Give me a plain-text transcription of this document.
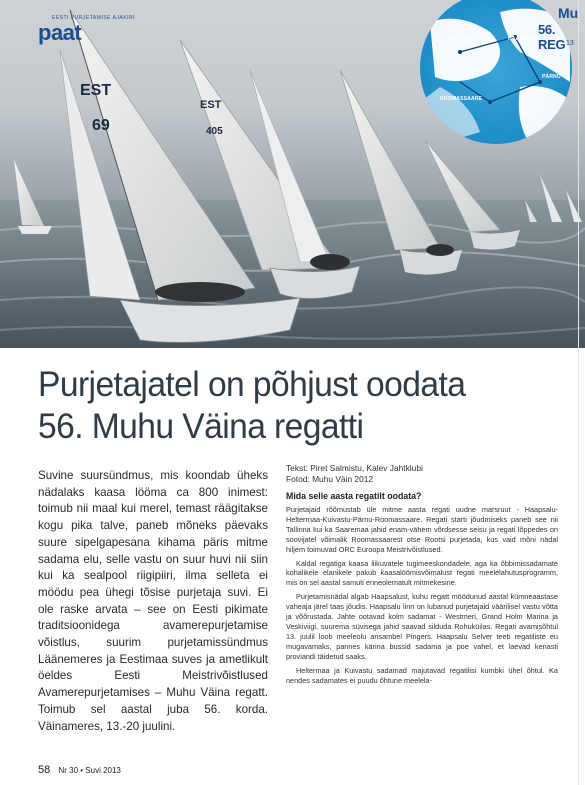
EST
69
EST
405
EESTI PURJETAMISE AJAKIRI
paat	HELTERMAA	HAAPSALU
ROOMASSAARE
PÄRNU
Mu
56. REG 13
Purjetajatel on põhjust oodata
56. Muhu Väina regatti

Suvine suursündmus, mis koondab üheks nädalaks kaasa lööma ca 800 inimest: toimub nii maal kui merel, temast räägitakse kogu pika talve, paneb mõneks päevaks suure sipelgapesana kihama päris mitme sadama elu, selle vastu on suur huvi nii siin kui ka sealpool riigipiiri, ilma selleta ei möödu pea ühegi tõsise purjetaja suvi. Ei ole raske arvata – see on Eesti pikimate traditsioonidega avamerepurjetamise võistlus, suurim purjetamissündmus Läänemeres ja Eestimaa suves ja ametlikult öeldes Eesti Meistrivõistlused Avamerepurjetamises – Muhu Väina regatt. Toimub sel aastal juba 56. korda. Väinameres, 13.-20 juulini.

Tekst: Piret Salmistu, Kalev Jahtklubi
Fotod: Muhu Väin 2012

Mida selle aasta regatilt oodata?

Purjetajaid rõõmustab üle mitme aasta regati uudne marsruut - Haapsalu-Helterrnaa-Kuivastu-Pärnu-Roomassaare. Regati starti jõudmiseks paneb see nii Tallinna kui ka Saaremaa jahid enam-vähem võrdsesse seisu ja regati lõppedes on soovijatel võimalik Roomassaarest otse Rootsi purjetada, kus vaid mõni nädal hiljem toimuvad ORC Euroopa Meistrivõistlused.

Kaldal regatiga kaasa liikuvatele tugimeeskondadele, aga ka õbbimissadamate kohalikele elanikele pakub kaasalöömisvõimalust regati meelelahutusprogramm, mis on sel aastal samuti enneolematult mitmekesine.

Purjetamisnädal algab Haapsalust, kuhu regatt möödunud aastal kümneaastase vaheaja järel taas jõudis. Haapsalu linn on lubanud purjetajaid väärilisel vastu võtta ja võõrustada. Jahte ootavad kolm sadamat - Westmeri, Grand Holm Marina ja Veskiviigi, suurema süvisega jahid saavad silduda Rohuküilas. Regati avamisõhtul 13. juulil loob meeleolu ansambel Pingers. Haapsalu Selver teeb regatiliste eu mugavamaks, pannes kärina bussid sadama ja poe vahel, et laevad kenasti proviandi täidetud saaks.

Heltermaa ja Kuivastu sadamad majutavad regatilisi kumbki ühel õhtul. Ka nendes sadamates ei puudu õhtune meelela-

58 Nr 30 • Suvi 2013
